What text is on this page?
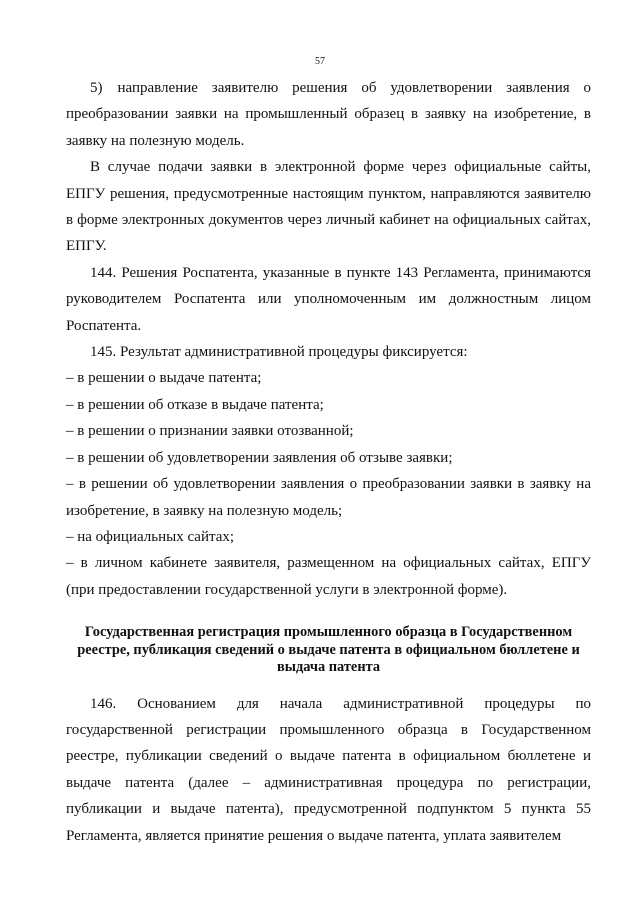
57

5) направление заявителю решения об удовлетворении заявления о преобразовании заявки на промышленный образец в заявку на изобретение, в заявку на полезную модель.

В случае подачи заявки в электронной форме через официальные сайты, ЕПГУ решения, предусмотренные настоящим пунктом, направляются заявителю в форме электронных документов через личный кабинет на официальных сайтах, ЕПГУ.

144. Решения Роспатента, указанные в пункте 143 Регламента, принимаются руководителем Роспатента или уполномоченным им должностным лицом Роспатента.

145. Результат административной процедуры фиксируется:

– в решении о выдаче патента;

– в решении об отказе в выдаче патента;

– в решении о признании заявки отозванной;

– в решении об удовлетворении заявления об отзыве заявки;

– в решении об удовлетворении заявления о преобразовании заявки в заявку на изобретение, в заявку на полезную модель;

– на официальных сайтах;

– в личном кабинете заявителя, размещенном на официальных сайтах, ЕПГУ (при предоставлении государственной услуги в электронной форме).

Государственная регистрация промышленного образца в Государственном реестре, публикация сведений о выдаче патента в официальном бюллетене и выдача патента

146. Основанием для начала административной процедуры по государственной регистрации промышленного образца в Государственном реестре, публикации сведений о выдаче патента в официальном бюллетене и выдаче патента (далее – административная процедура по регистрации, публикации и выдаче патента), предусмотренной подпунктом 5 пункта 55 Регламента, является принятие решения о выдаче патента, уплата заявителем
